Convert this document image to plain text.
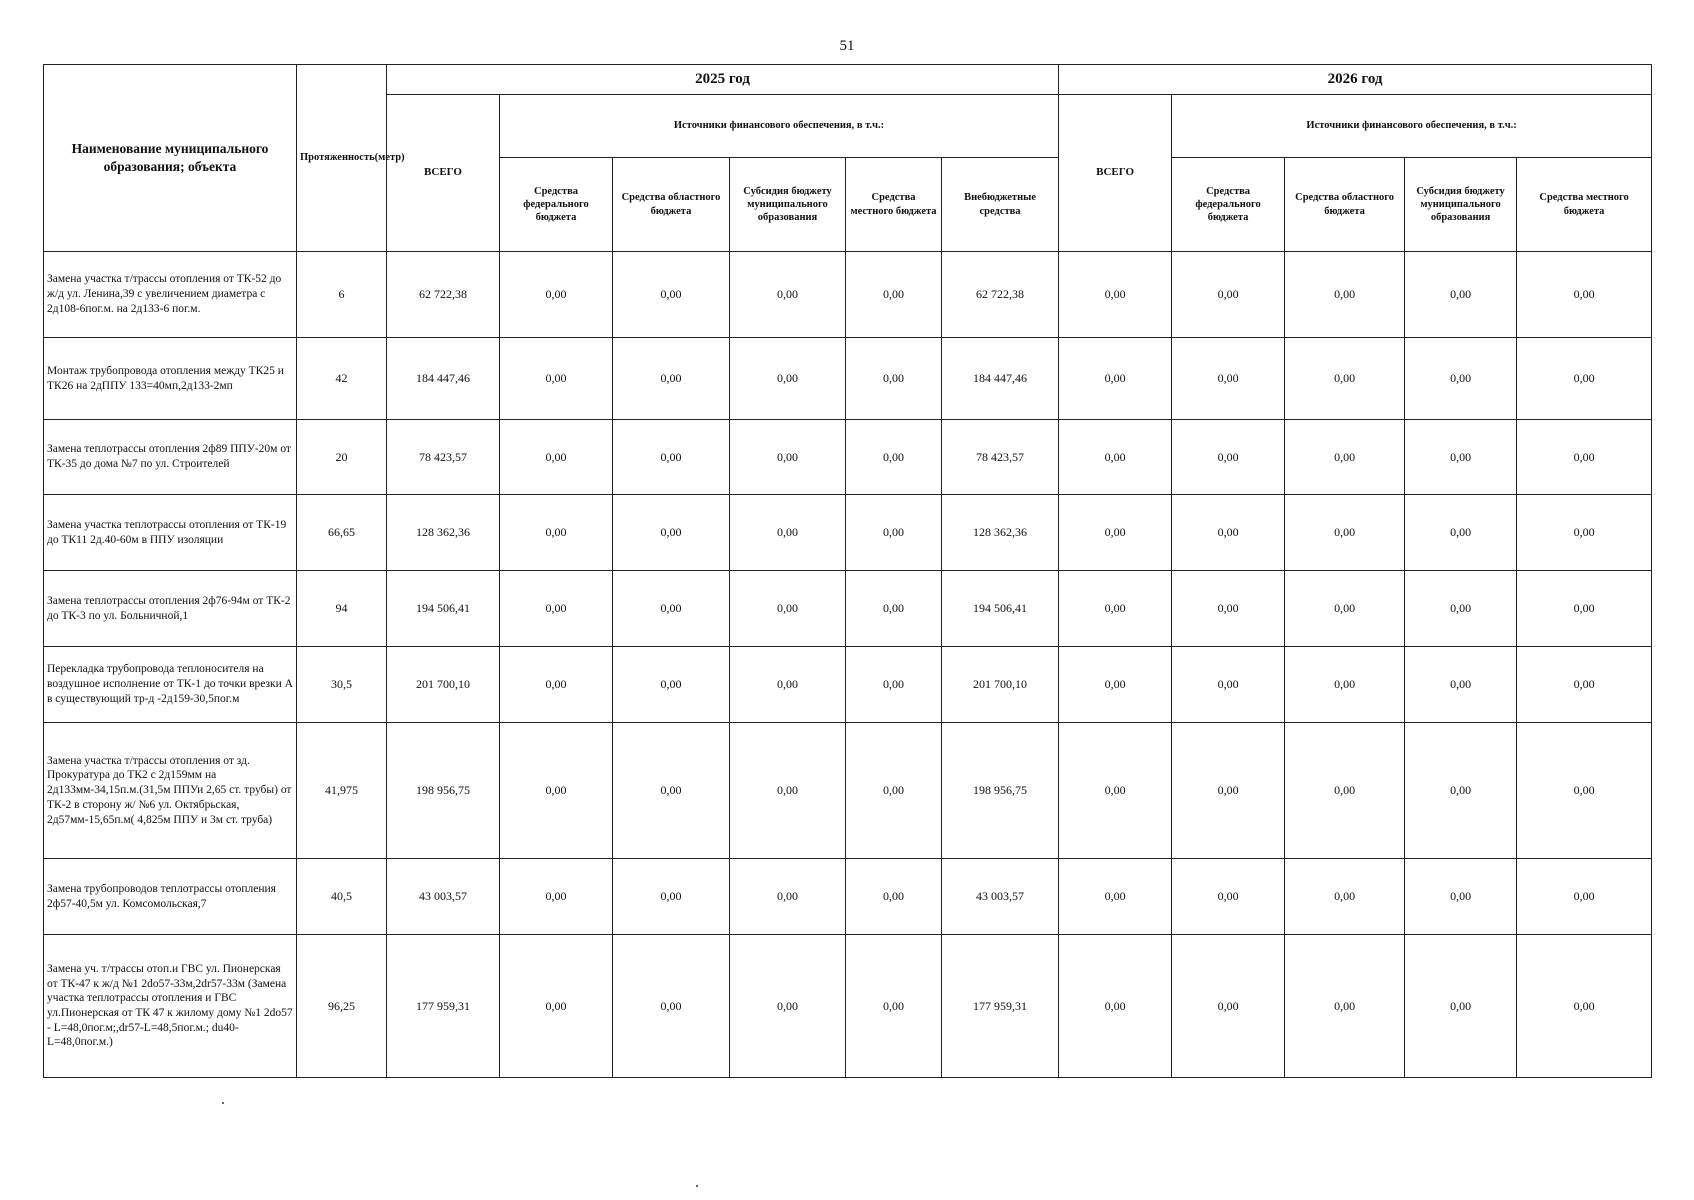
51
Наименование муниципального образования; объекта	Протяженность(метр)	2025 год						2026 год				
		ВСЕГО	Источники финансового обеспечения, в т.ч.:					ВСЕГО	Источники финансового обеспечения, в т.ч.:			
			Средства федерального бюджета	Средства областного бюджета	Субсидия бюджету муниципального образования	Средства местного бюджета	Внебюджетные средства		Средства федерального бюджета	Средства областного бюджета	Субсидия бюджету муниципального образования	Средства местного бюджета
Замена участка т/трассы отопления от ТК-52 до ж/д ул. Ленина,39 с увеличением диаметра с 2д108-6пог.м. на 2д133-6 пог.м.	6	62 722,38	0,00	0,00	0,00	0,00	62 722,38	0,00	0,00	0,00	0,00	0,00
Монтаж трубопровода отопления между ТК25 и ТК26 на 2дППУ 133=40мп,2д133-2мп	42	184 447,46	0,00	0,00	0,00	0,00	184 447,46	0,00	0,00	0,00	0,00	0,00
Замена теплотрассы отопления 2ф89 ППУ-20м от ТК-35 до дома №7 по ул. Строителей	20	78 423,57	0,00	0,00	0,00	0,00	78 423,57	0,00	0,00	0,00	0,00	0,00
Замена участка теплотрассы отопления от ТК-19 до ТК11 2д.40-60м в ППУ изоляции	66,65	128 362,36	0,00	0,00	0,00	0,00	128 362,36	0,00	0,00	0,00	0,00	0,00
Замена теплотрассы отопления 2ф76-94м от ТК-2 до ТК-3 по ул. Больничной,1	94	194 506,41	0,00	0,00	0,00	0,00	194 506,41	0,00	0,00	0,00	0,00	0,00
Перекладка трубопровода теплоносителя на воздушное исполнение от ТК-1 до точки врезки А в существующий тр-д -2д159-30,5пог.м	30,5	201 700,10	0,00	0,00	0,00	0,00	201 700,10	0,00	0,00	0,00	0,00	0,00
Замена участка т/трассы отопления от зд. Прокуратура до ТК2 с 2д159мм на 2д133мм-34,15п.м.(31,5м ППУи 2,65 ст. трубы) от ТК-2 в сторону ж/ №6 ул. Октябрьская, 2д57мм-15,65п.м( 4,825м ППУ и 3м ст. труба)	41,975	198 956,75	0,00	0,00	0,00	0,00	198 956,75	0,00	0,00	0,00	0,00	0,00
Замена трубопроводов теплотрассы отопления 2ф57-40,5м ул. Комсомольская,7	40,5	43 003,57	0,00	0,00	0,00	0,00	43 003,57	0,00	0,00	0,00	0,00	0,00
Замена уч. т/трассы отоп.и ГВС ул. Пионерская от ТК-47 к ж/д №1 2do57-33м,2dr57-33м (Замена участка теплотрассы отопления и ГВС ул.Пионерская от ТК 47 к жилому дому №1 2do57 - L=48,0пог.м;,dr57-L=48,5пог.м.; du40-L=48,0пог.м.)	96,25	177 959,31	0,00	0,00	0,00	0,00	177 959,31	0,00	0,00	0,00	0,00	0,00
